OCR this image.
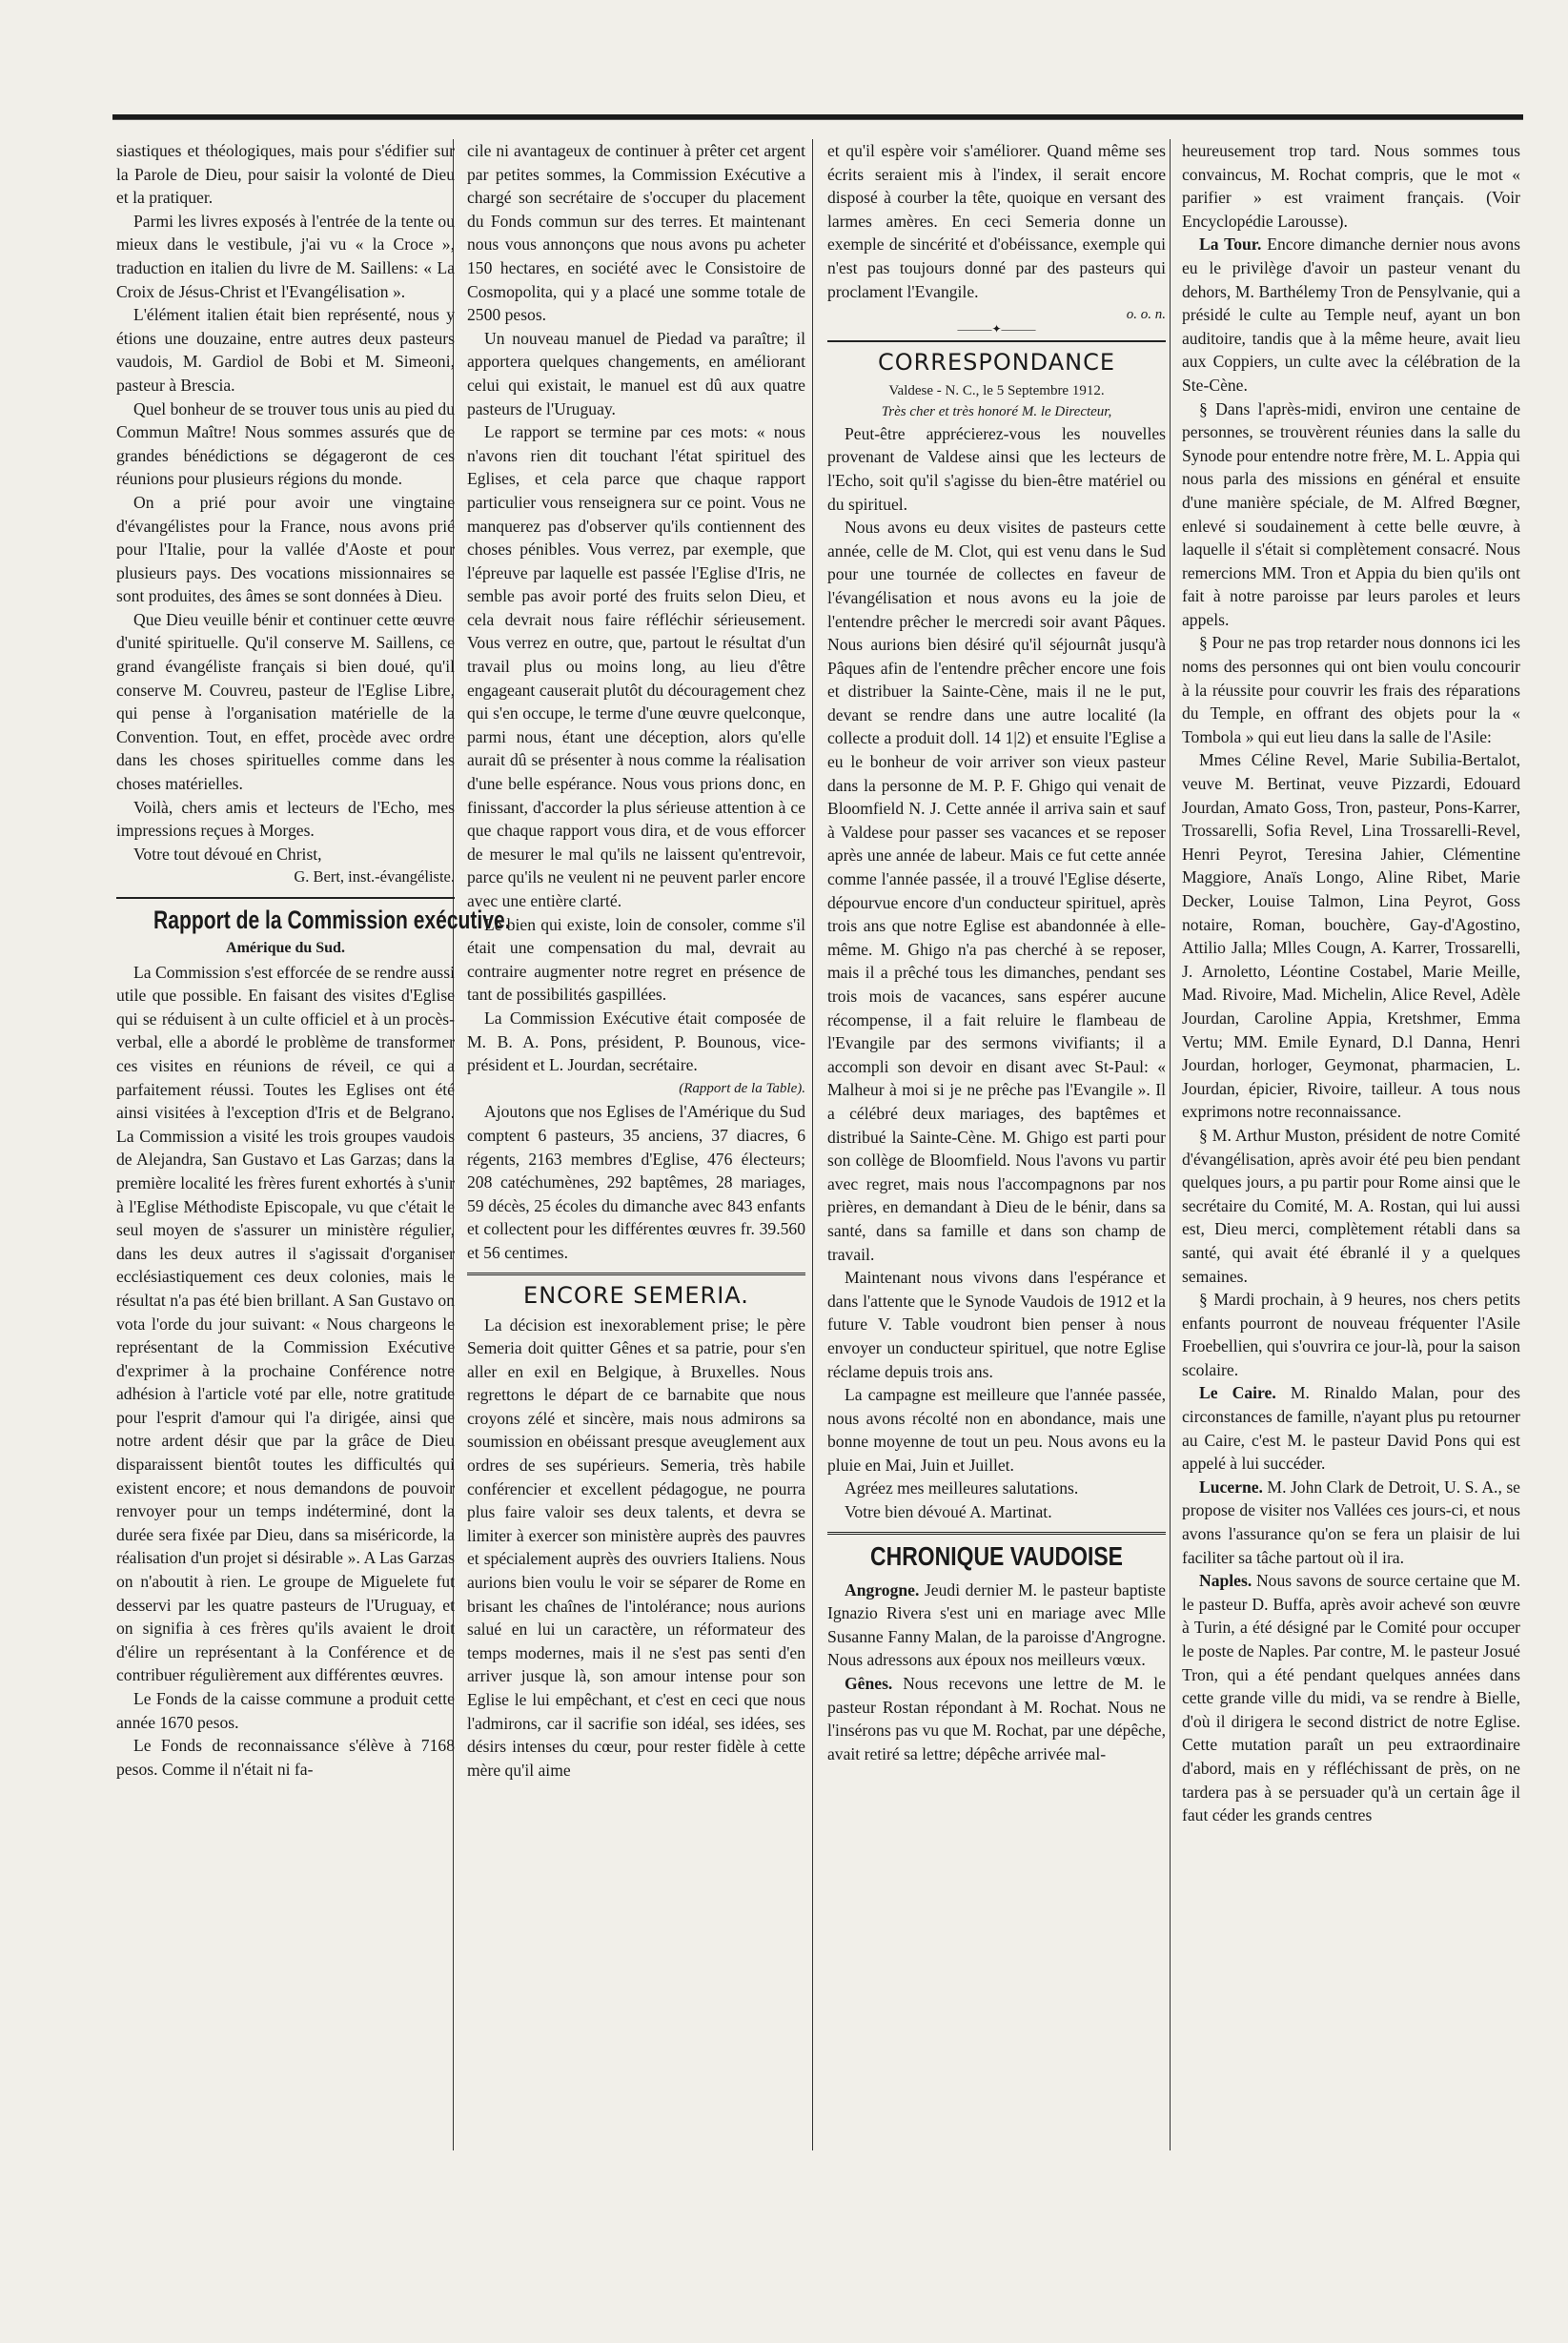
siastiques et théologiques, mais pour s'édifier sur la Parole de Dieu, pour saisir la volonté de Dieu et la pratiquer.

Parmi les livres exposés à l'entrée de la tente ou mieux dans le vestibule, j'ai vu « la Croce », traduction en italien du livre de M. Saillens: « La Croix de Jésus-Christ et l'Evangélisation ».

L'élément italien était bien représenté, nous y étions une douzaine, entre autres deux pasteurs vaudois, M. Gardiol de Bobi et M. Simeoni, pasteur à Brescia.

Quel bonheur de se trouver tous unis au pied du Commun Maître! Nous sommes assurés que de grandes bénédictions se dégageront de ces réunions pour plusieurs régions du monde.

On a prié pour avoir une vingtaine d'évangélistes pour la France, nous avons prié pour l'Italie, pour la vallée d'Aoste et pour plusieurs pays. Des vocations missionnaires se sont produites, des âmes se sont données à Dieu.

Que Dieu veuille bénir et continuer cette œuvre d'unité spirituelle. Qu'il conserve M. Saillens, ce grand évangéliste français si bien doué, qu'il conserve M. Couvreu, pasteur de l'Eglise Libre, qui pense à l'organisation matérielle de la Convention. Tout, en effet, procède avec ordre dans les choses spirituelles comme dans les choses matérielles.

Voilà, chers amis et lecteurs de l'Echo, mes impressions reçues à Morges.

Votre tout dévoué en Christ,

G. Bert, inst.-évangéliste.
Rapport de la Commission exécutive.
Amérique du Sud.

La Commission s'est efforcée de se rendre aussi utile que possible. En faisant des visites d'Eglise qui se réduisent à un culte officiel et à un procès-verbal, elle a abordé le problème de transformer ces visites en réunions de réveil, ce qui a parfaitement réussi. Toutes les Eglises ont été ainsi visitées à l'exception d'Iris et de Belgrano. La Commission a visité les trois groupes vaudois de Alejandra, San Gustavo et Las Garzas; dans la première localité les frères furent exhortés à s'unir à l'Eglise Méthodiste Episcopale, vu que c'était le seul moyen de s'assurer un ministère régulier, dans les deux autres il s'agissait d'organiser ecclésiastiquement ces deux colonies, mais le résultat n'a pas été bien brillant. A San Gustavo on vota l'orde du jour suivant: « Nous chargeons le représentant de la Commission Exécutive d'exprimer à la prochaine Conférence notre adhésion à l'article voté par elle, notre gratitude pour l'esprit d'amour qui l'a dirigée, ainsi que notre ardent désir que par la grâce de Dieu disparaissent bientôt toutes les difficultés qui existent encore; et nous demandons de pouvoir renvoyer pour un temps indéterminé, dont la durée sera fixée par Dieu, dans sa miséricorde, la réalisation d'un projet si désirable ». A Las Garzas on n'aboutit à rien. Le groupe de Miguelete fut desservi par les quatre pasteurs de l'Uruguay, et on signifia à ces frères qu'ils avaient le droit d'élire un représentant à la Conférence et de contribuer régulièrement aux différentes œuvres.

Le Fonds de la caisse commune a produit cette année 1670 pesos.

Le Fonds de reconnaissance s'élève à 7168 pesos. Comme il n'était ni fa-

cile ni avantageux de continuer à prêter cet argent par petites sommes, la Commission Exécutive a chargé son secrétaire de s'occuper du placement du Fonds commun sur des terres. Et maintenant nous vous annonçons que nous avons pu acheter 150 hectares, en société avec le Consistoire de Cosmopolita, qui y a placé une somme totale de 2500 pesos.

Un nouveau manuel de Piedad va paraître; il apportera quelques changements, en améliorant celui qui existait, le manuel est dû aux quatre pasteurs de l'Uruguay.

Le rapport se termine par ces mots: « nous n'avons rien dit touchant l'état spirituel des Eglises, et cela parce que chaque rapport particulier vous renseignera sur ce point. Vous ne manquerez pas d'observer qu'ils contiennent des choses pénibles. Vous verrez, par exemple, que l'épreuve par laquelle est passée l'Eglise d'Iris, ne semble pas avoir porté des fruits selon Dieu, et cela devrait nous faire réfléchir sérieusement. Vous verrez en outre, que, partout le résultat d'un travail plus ou moins long, au lieu d'être engageant causerait plutôt du découragement chez qui s'en occupe, le terme d'une œuvre quelconque, parmi nous, étant une déception, alors qu'elle aurait dû se présenter à nous comme la réalisation d'une belle espérance. Nous vous prions donc, en finissant, d'accorder la plus sérieuse attention à ce que chaque rapport vous dira, et de vous efforcer de mesurer le mal qu'ils ne laissent qu'entrevoir, parce qu'ils ne veulent ni ne peuvent parler encore avec une entière clarté.

Le bien qui existe, loin de consoler, comme s'il était une compensation du mal, devrait au contraire augmenter notre regret en présence de tant de possibilités gaspillées.

La Commission Exécutive était composée de M. B. A. Pons, président, P. Bounous, vice-président et L. Jourdan, secrétaire.

(Rapport de la Table).

Ajoutons que nos Eglises de l'Amérique du Sud comptent 6 pasteurs, 35 anciens, 37 diacres, 6 régents, 2163 membres d'Eglise, 476 électeurs; 208 catéchumènes, 292 baptêmes, 28 mariages, 59 décès, 25 écoles du dimanche avec 843 enfants et collectent pour les différentes œuvres fr. 39.560 et 56 centimes.

ENCORE SEMERIA.

La décision est inexorablement prise; le père Semeria doit quitter Gênes et sa patrie, pour s'en aller en exil en Belgique, à Bruxelles. Nous regrettons le départ de ce barnabite que nous croyons zélé et sincère, mais nous admirons sa soumission en obéissant presque aveuglement aux ordres de ses supérieurs. Semeria, très habile conférencier et excellent pédagogue, ne pourra plus faire valoir ses deux talents, et devra se limiter à exercer son ministère auprès des pauvres et spécialement auprès des ouvriers Italiens. Nous aurions bien voulu le voir se séparer de Rome en brisant les chaînes de l'intolérance; nous aurions salué en lui un caractère, un réformateur des temps modernes, mais il ne s'est pas senti d'en arriver jusque là, son amour intense pour son Eglise le lui empêchant, et c'est en ceci que nous l'admirons, car il sacrifie son idéal, ses idées, ses désirs intenses du cœur, pour rester fidèle à cette mère qu'il aime

et qu'il espère voir s'améliorer. Quand même ses écrits seraient mis à l'index, il serait encore disposé à courber la tête, quoique en versant des larmes amères. En ceci Semeria donne un exemple de sincérité et d'obéissance, exemple qui n'est pas toujours donné par des pasteurs qui proclament l'Evangile.

o. o. n.
———✦———
CORRESPONDANCE
Valdese - N. C., le 5 Septembre 1912.
Très cher et très honoré M. le Directeur,

Peut-être apprécierez-vous les nouvelles provenant de Valdese ainsi que les lecteurs de l'Echo, soit qu'il s'agisse du bien-être matériel ou du spirituel.

Nous avons eu deux visites de pasteurs cette année, celle de M. Clot, qui est venu dans le Sud pour une tournée de collectes en faveur de l'évangélisation et nous avons eu la joie de l'entendre prêcher le mercredi soir avant Pâques. Nous aurions bien désiré qu'il séjournât jusqu'à Pâques afin de l'entendre prêcher encore une fois et distribuer la Sainte-Cène, mais il ne le put, devant se rendre dans une autre localité (la collecte a produit doll. 14 1|2) et ensuite l'Eglise a eu le bonheur de voir arriver son vieux pasteur dans la personne de M. P. F. Ghigo qui venait de Bloomfield N. J. Cette année il arriva sain et sauf à Valdese pour passer ses vacances et se reposer après une année de labeur. Mais ce fut cette année comme l'année passée, il a trouvé l'Eglise déserte, dépourvue encore d'un conducteur spirituel, après trois ans que notre Eglise est abandonnée à elle-même. M. Ghigo n'a pas cherché à se reposer, mais il a prêché tous les dimanches, pendant ses trois mois de vacances, sans espérer aucune récompense, il a fait reluire le flambeau de l'Evangile par des sermons vivifiants; il a accompli son devoir en disant avec St-Paul: « Malheur à moi si je ne prêche pas l'Evangile ». Il a célébré deux mariages, des baptêmes et distribué la Sainte-Cène. M. Ghigo est parti pour son collège de Bloomfield. Nous l'avons vu partir avec regret, mais nous l'accompagnons par nos prières, en demandant à Dieu de le bénir, dans sa santé, dans sa famille et dans son champ de travail.

Maintenant nous vivons dans l'espérance et dans l'attente que le Synode Vaudois de 1912 et la future V. Table voudront bien penser à nous envoyer un conducteur spirituel, que notre Eglise réclame depuis trois ans.

La campagne est meilleure que l'année passée, nous avons récolté non en abondance, mais une bonne moyenne de tout un peu. Nous avons eu la pluie en Mai, Juin et Juillet.

Agréez mes meilleures salutations.

Votre bien dévoué A. Martinat.

CHRONIQUE VAUDOISE

Angrogne. Jeudi dernier M. le pasteur baptiste Ignazio Rivera s'est uni en mariage avec Mlle Susanne Fanny Malan, de la paroisse d'Angrogne. Nous adressons aux époux nos meilleurs vœux.

Gênes. Nous recevons une lettre de M. le pasteur Rostan répondant à M. Rochat. Nous ne l'insérons pas vu que M. Rochat, par une dépêche, avait retiré sa lettre; dépêche arrivée mal-

heureusement trop tard. Nous sommes tous convaincus, M. Rochat compris, que le mot « parifier » est vraiment français. (Voir Encyclopédie Larousse).

La Tour. Encore dimanche dernier nous avons eu le privilège d'avoir un pasteur venant du dehors, M. Barthélemy Tron de Pensylvanie, qui a présidé le culte au Temple neuf, ayant un bon auditoire, tandis que à la même heure, avait lieu aux Coppiers, un culte avec la célébration de la Ste-Cène.

§ Dans l'après-midi, environ une centaine de personnes, se trouvèrent réunies dans la salle du Synode pour entendre notre frère, M. L. Appia qui nous parla des missions en général et ensuite d'une manière spéciale, de M. Alfred Bœgner, enlevé si soudainement à cette belle œuvre, à laquelle il s'était si complètement consacré. Nous remercions MM. Tron et Appia du bien qu'ils ont fait à notre paroisse par leurs paroles et leurs appels.

§ Pour ne pas trop retarder nous donnons ici les noms des personnes qui ont bien voulu concourir à la réussite pour couvrir les frais des réparations du Temple, en offrant des objets pour la « Tombola » qui eut lieu dans la salle de l'Asile:

Mmes Céline Revel, Marie Subilia-Bertalot, veuve M. Bertinat, veuve Pizzardi, Edouard Jourdan, Amato Goss, Tron, pasteur, Pons-Karrer, Trossarelli, Sofia Revel, Lina Trossarelli-Revel, Henri Peyrot, Teresina Jahier, Clémentine Maggiore, Anaïs Longo, Aline Ribet, Marie Decker, Louise Talmon, Lina Peyrot, Goss notaire, Roman, bouchère, Gay-d'Agostino, Attilio Jalla; Mlles Cougn, A. Karrer, Trossarelli, J. Arnoletto, Léontine Costabel, Marie Meille, Mad. Rivoire, Mad. Michelin, Alice Revel, Adèle Jourdan, Caroline Appia, Kretshmer, Emma Vertu; MM. Emile Eynard, D.l Danna, Henri Jourdan, horloger, Geymonat, pharmacien, L. Jourdan, épicier, Rivoire, tailleur. A tous nous exprimons notre reconnaissance.

§ M. Arthur Muston, président de notre Comité d'évangélisation, après avoir été peu bien pendant quelques jours, a pu partir pour Rome ainsi que le secrétaire du Comité, M. A. Rostan, qui lui aussi est, Dieu merci, complètement rétabli dans sa santé, qui avait été ébranlé il y a quelques semaines.

§ Mardi prochain, à 9 heures, nos chers petits enfants pourront de nouveau fréquenter l'Asile Froebellien, qui s'ouvrira ce jour-là, pour la saison scolaire.

Le Caire. M. Rinaldo Malan, pour des circonstances de famille, n'ayant plus pu retourner au Caire, c'est M. le pasteur David Pons qui est appelé à lui succéder.

Lucerne. M. John Clark de Detroit, U. S. A., se propose de visiter nos Vallées ces jours-ci, et nous avons l'assurance qu'on se fera un plaisir de lui faciliter sa tâche partout où il ira.

Naples. Nous savons de source certaine que M. le pasteur D. Buffa, après avoir achevé son œuvre à Turin, a été désigné par le Comité pour occuper le poste de Naples. Par contre, M. le pasteur Josué Tron, qui a été pendant quelques années dans cette grande ville du midi, va se rendre à Bielle, d'où il dirigera le second district de notre Eglise. Cette mutation paraît un peu extraordinaire d'abord, mais en y réfléchissant de près, on ne tardera pas à se persuader qu'à un certain âge il faut céder les grands centres
